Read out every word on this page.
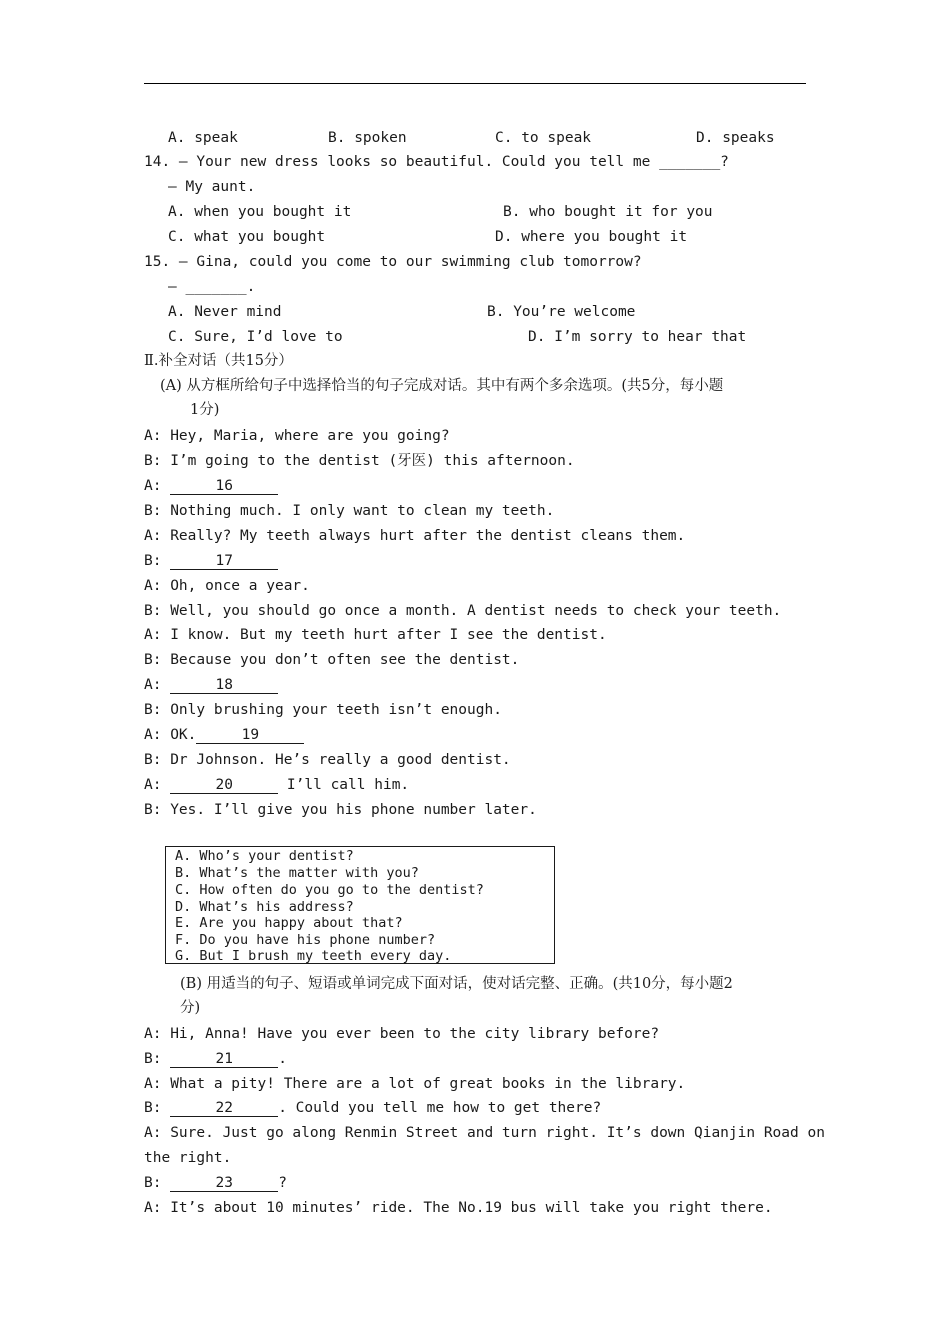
A. speak	B. spoken	C. to speak	D. speaks
14. — Your new dress looks so beautiful. Could you tell me _______?
— My aunt.
A. when you bought it	B. who bought it for you
C. what you bought	D. where you bought it
15. — Gina, could you come to our swimming club tomorrow?
— _______.
A. Never mind	B. You’re welcome
C. Sure, I’d love to	D. I’m sorry to hear that
Ⅱ.补全对话（共15分）
(A) 从方框所给句子中选择恰当的句子完成对话。其中有两个多余选项。(共5分，每小题
1分)
A: Hey, Maria, where are you going?
B: I’m going to the dentist (牙医) this afternoon.
A:	16
B: Nothing much. I only want to clean my teeth.
A: Really? My teeth always hurt after the dentist cleans them.
B:	17
A: Oh, once a year.
B: Well, you should go once a month. A dentist needs to check your teeth.
A: I know. But my teeth hurt after I see the dentist.
B: Because you don’t often see the dentist.
A:	18
B: Only brushing your teeth isn’t enough.
A: OK.	19
B: Dr Johnson. He’s really a good dentist.
A:	20	I’ll call him.
B: Yes. I’ll give you his phone number later.
A. Who’s your dentist?
B. What’s the matter with you?
C. How often do you go to the dentist?
D. What’s his address?
E. Are you happy about that?
F. Do you have his phone number?
G. But I brush my teeth every day.
(B) 用适当的句子、短语或单词完成下面对话，使对话完整、正确。(共10分，每小题2
分)
A: Hi, Anna! Have you ever been to the city library before?
B:	21	.
A: What a pity! There are a lot of great books in the library.
B:	22	. Could you tell me how to get there?
A: Sure. Just go along Renmin Street and turn right. It’s down Qianjin Road on
the right.
B:	23	?
A: It’s about 10 minutes’ ride. The No.19 bus will take you right there.
